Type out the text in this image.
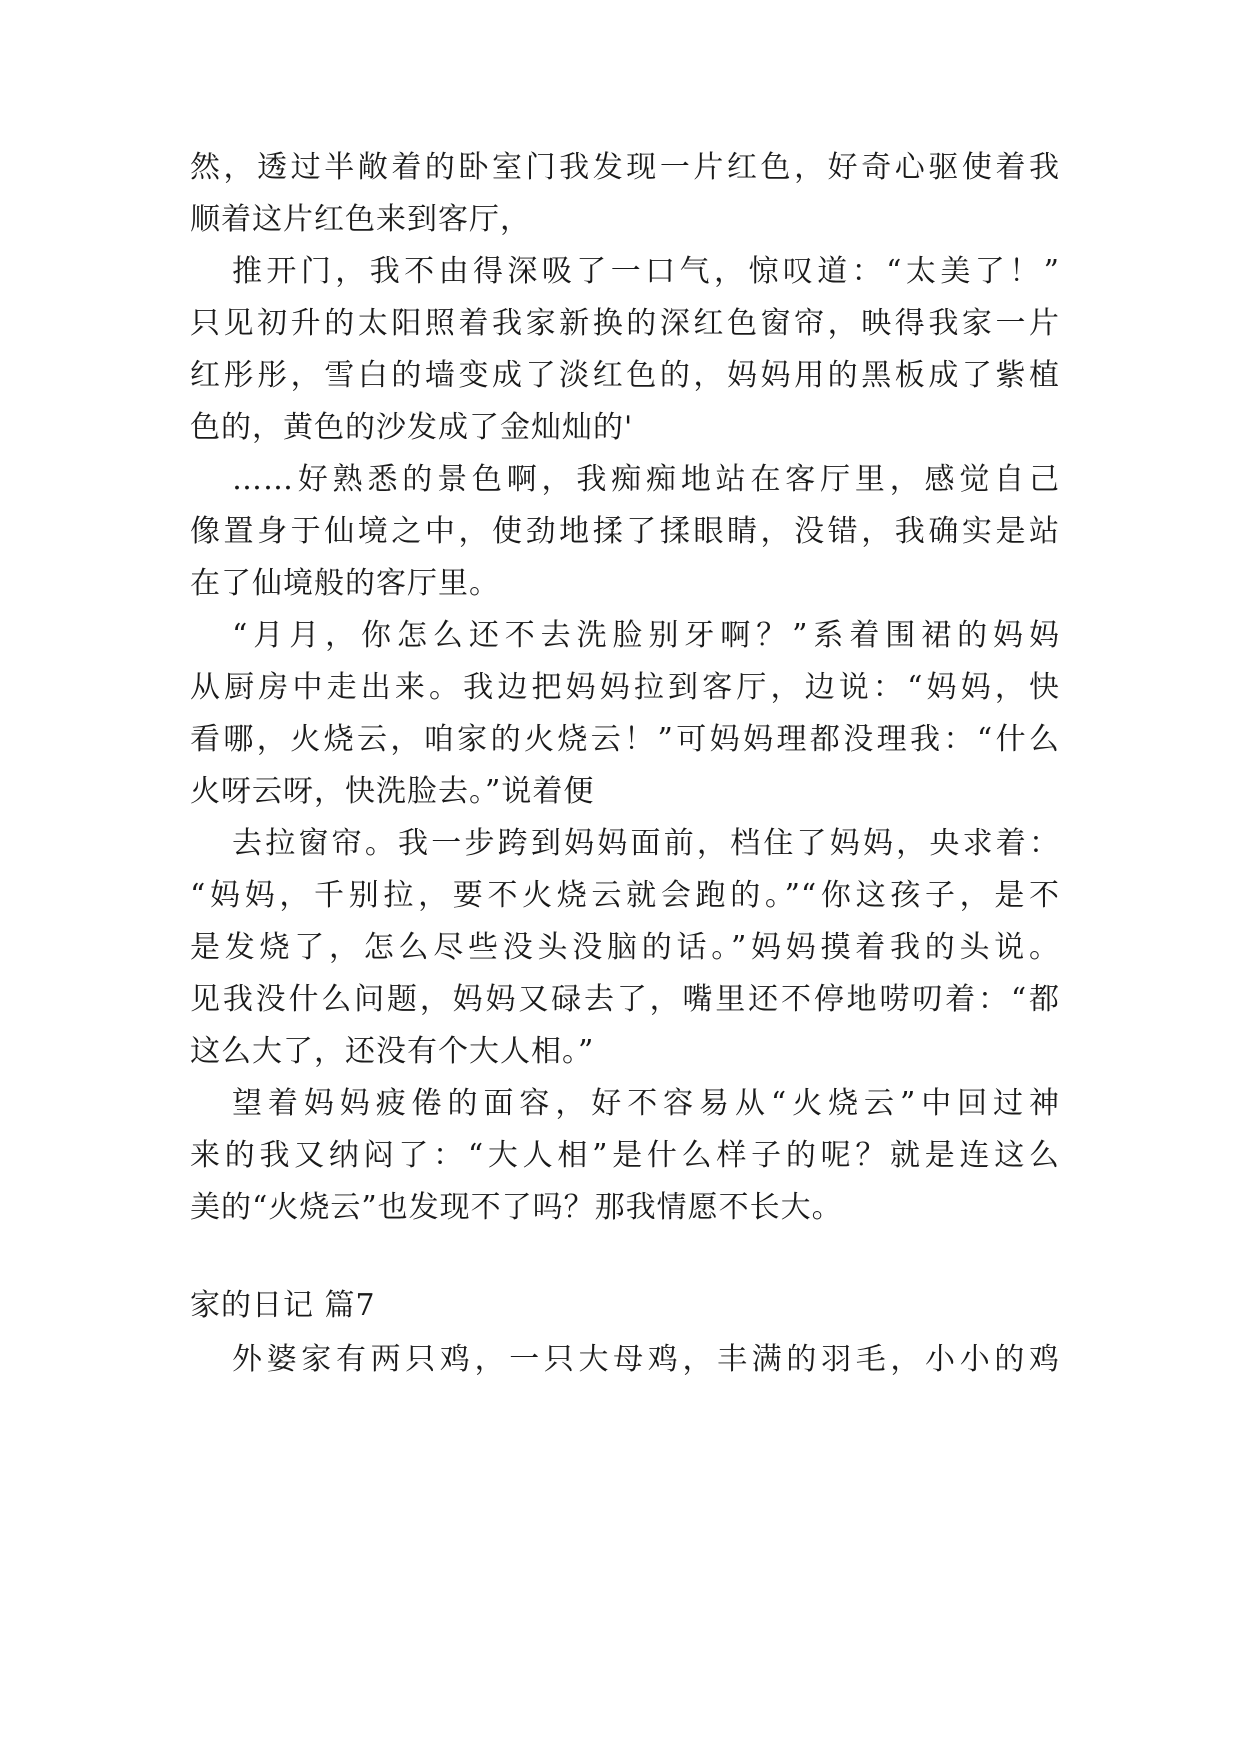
然，透过半敞着的卧室门我发现一片红色，好奇心驱使着我
顺着这片红色来到客厅，
推开门，我不由得深吸了一口气，惊叹道：“太美了！”
只见初升的太阳照着我家新换的深红色窗帘，映得我家一片
红彤彤，雪白的墙变成了淡红色的，妈妈用的黑板成了紫植
色的，黄色的沙发成了金灿灿的'
……好熟悉的景色啊，我痴痴地站在客厅里，感觉自己
像置身于仙境之中，使劲地揉了揉眼睛，没错，我确实是站
在了仙境般的客厅里。
“月月，你怎么还不去洗脸别牙啊？”系着围裙的妈妈
从厨房中走出来。我边把妈妈拉到客厅，边说：“妈妈，快
看哪，火烧云，咱家的火烧云！”可妈妈理都没理我：“什么
火呀云呀，快洗脸去。”说着便
去拉窗帘。我一步跨到妈妈面前，档住了妈妈，央求着：
“妈妈，千别拉，要不火烧云就会跑的。”“你这孩子，是不
是发烧了，怎么尽些没头没脑的话。”妈妈摸着我的头说。
见我没什么问题，妈妈又碌去了，嘴里还不停地唠叨着：“都
这么大了，还没有个大人相。”
望着妈妈疲倦的面容，好不容易从“火烧云”中回过神
来的我又纳闷了：“大人相”是什么样子的呢？就是连这么
美的“火烧云”也发现不了吗？那我情愿不长大。
家的日记 篇7
外婆家有两只鸡，一只大母鸡，丰满的羽毛，小小的鸡
